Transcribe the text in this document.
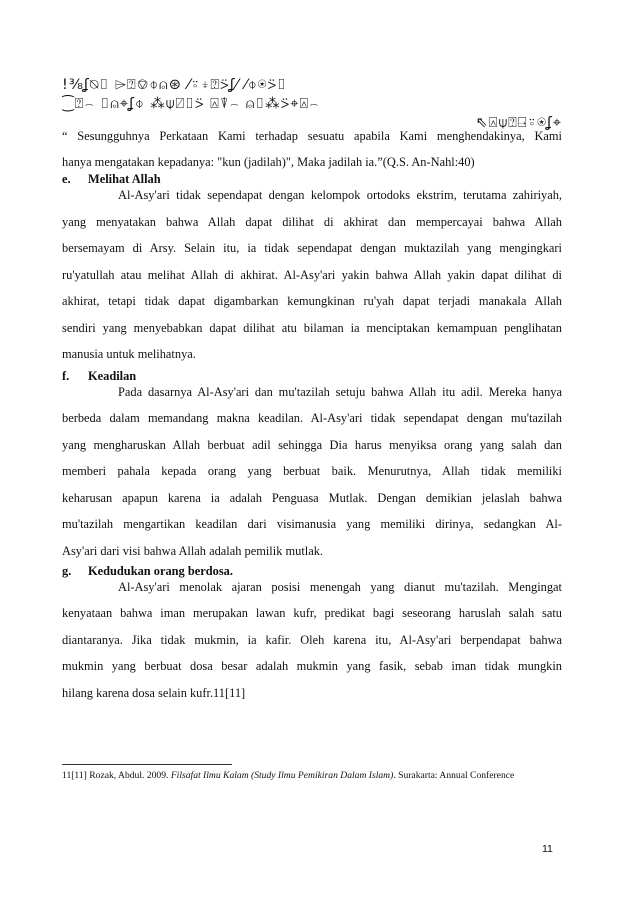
!⅜ʆ⍉⌷ ⌲⍰⎊⌽⍝⊛ ⁄⍤⍖⍰⍩ʆ⁄ ⁄⌽⍟⍩⌷
⁐⍰⌢ ⌷⍝⌖ʆ⌽ ⁂⍦⍁⌷⍩ ⍓⍒⌢ ⍝⌷⁂⍩⌖⍓⌢
⇖⍓⍦⍰⍈⍤⍟ʆ⌖
“ Sesungguhnya Perkataan Kami terhadap sesuatu apabila Kami menghendakinya, Kami
hanya mengatakan kepadanya: "kun (jadilah)", Maka jadilah ia.”(Q.S. An-Nahl:40)
e. Melihat Allah
Al-Asy'ari tidak sependapat dengan kelompok ortodoks ekstrim, terutama zahiriyah,
yang menyatakan bahwa Allah dapat dilihat di akhirat dan mempercayai bahwa Allah
bersemayam di Arsy. Selain itu, ia tidak sependapat dengan muktazilah yang mengingkari
ru'yatullah atau melihat Allah di akhirat. Al-Asy'ari yakin bahwa Allah yakin dapat dilihat di
akhirat, tetapi tidak dapat digambarkan kemungkinan ru'yah dapat terjadi manakala Allah
sendiri yang menyebabkan dapat dilihat atu bilaman ia menciptakan kemampuan penglihatan
manusia untuk melihatnya.
f. Keadilan
Pada dasarnya Al-Asy'ari dan mu'tazilah setuju bahwa Allah itu adil. Mereka hanya
berbeda dalam memandang makna keadilan. Al-Asy'ari tidak sependapat dengan mu'tazilah
yang mengharuskan Allah berbuat adil sehingga Dia harus menyiksa orang yang salah dan
memberi pahala kepada orang yang berbuat baik. Menurutnya, Allah tidak memiliki
keharusan apapun karena ia adalah Penguasa Mutlak. Dengan demikian jelaslah bahwa
mu'tazilah mengartikan keadilan dari visimanusia yang memiliki dirinya, sedangkan Al-
Asy'ari dari visi bahwa Allah adalah pemilik mutlak.
g. Kedudukan orang berdosa.
Al-Asy'ari menolak ajaran posisi menengah yang dianut mu'tazilah. Mengingat
kenyataan bahwa iman merupakan lawan kufr, predikat bagi seseorang haruslah salah satu
diantaranya. Jika tidak mukmin, ia kafir. Oleh karena itu, Al-Asy'ari berpendapat bahwa
mukmin yang berbuat dosa besar adalah mukmin yang fasik, sebab iman tidak mungkin
hilang karena dosa selain kufr.11[11]
11[11] Rozak, Abdul. 2009. Filsafat Ilmu Kalam (Study Ilmu Pemikiran Dalam Islam). Surakarta: Annual Conference
11
